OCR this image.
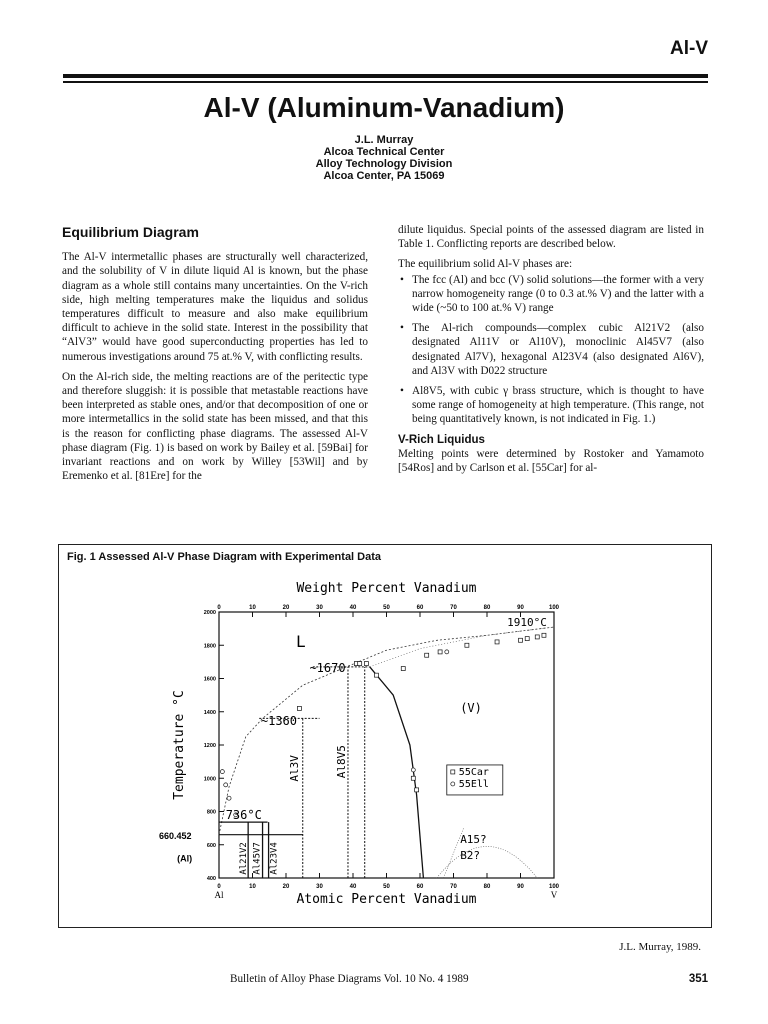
Al-V
Al-V (Aluminum-Vanadium)
J.L. Murray
Alcoa Technical Center
Alloy Technology Division
Alcoa Center, PA 15069
Equilibrium Diagram

The Al-V intermetallic phases are structurally well characterized, and the solubility of V in dilute liquid Al is known, but the phase diagram as a whole still contains many uncertainties. On the V-rich side, high melting temperatures make the liquidus and solidus temperatures difficult to measure and also make equilibrium difficult to achieve in the solid state. Interest in the possibility that “AlV3” would have good superconducting properties has led to numerous investigations around 75 at.% V, with conflicting results.

On the Al-rich side, the melting reactions are of the peritectic type and therefore sluggish: it is possible that metastable reactions have been interpreted as stable ones, and/or that decomposition of one or more intermetallics in the solid state has been missed, and that this is the reason for conflicting phase diagrams. The assessed Al-V phase diagram (Fig. 1) is based on work by Bailey et al. [59Bai] for invariant reactions and on work by Willey [53Wil] and by Eremenko et al. [81Ere] for the

dilute liquidus. Special points of the assessed diagram are listed in Table 1. Conflicting reports are described below.

The equilibrium solid Al-V phases are:

• The fcc (Al) and bcc (V) solid solutions—the former with a very narrow homogeneity range (0 to 0.3 at.% V) and the latter with a wide (~50 to 100 at.% V) range
• The Al-rich compounds—complex cubic Al21V2 (also designated Al11V or Al10V), monoclinic Al45V7 (also designated Al7V), hexagonal Al23V4 (also designated Al6V), and Al3V with D022 structure
• Al8V5, with cubic γ brass structure, which is thought to have some range of homogeneity at high temperature. (This range, not being quantitatively known, is not indicated in Fig. 1.)
V-Rich Liquidus

Melting points were determined by Rostoker and Yamamoto [54Ros] and by Carlson et al. [55Car] for al-

Fig. 1 Assessed Al-V Phase Diagram with Experimental Data
0	10	20	30	40	50	60	70	80	90	100
0	10	20	30	40	50	60	70	80	90	100
400
600
800
1000
1200
1400
1600
1800
2000
Weight Percent Vanadium
Atomic Percent Vanadium
Temperature °C
Al	V
L
(V)
(Al)
~1670
~1360
736°C
660.452
1910°C
A15?
B2?
Al3V	Al8V5
Al21V2 Al45V7 Al23V4
55Car
55Ell
J.L. Murray, 1989.
Bulletin of Alloy Phase Diagrams Vol. 10 No. 4 1989	351
